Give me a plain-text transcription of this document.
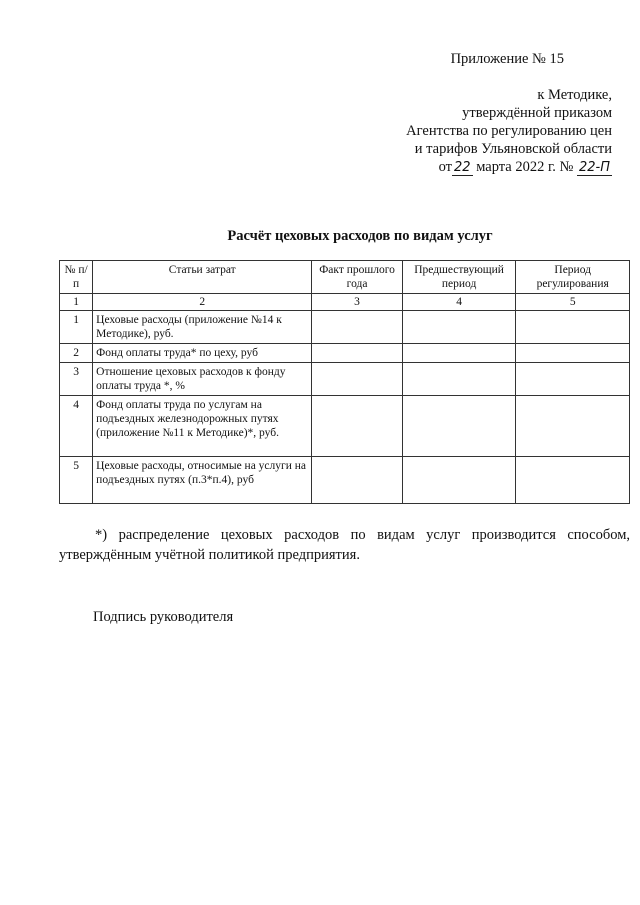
Приложение № 15
к Методике,
утверждённой приказом
Агентства по регулированию цен
и тарифов Ульяновской области
от 22 марта 2022 г. № 22-П
Расчёт цеховых расходов по видам услуг
№ п/п	Статьи затрат	Факт прошлого года	Предшествующий период	Период регулирования
1	2	3	4	5
1	Цеховые расходы (приложение №14 к Методике), руб.			
2	Фонд оплаты труда* по цеху, руб			
3	Отношение цеховых расходов к фонду оплаты труда *, %			
4	Фонд оплаты труда по услугам на подъездных железнодорожных путях (приложение №11 к Методике)*, руб.			
5	Цеховые расходы, относимые на услуги на подъездных путях (п.3*п.4), руб			
*) распределение цеховых расходов по видам услуг производится способом, утверждённым учётной политикой предприятия.
Подпись руководителя
